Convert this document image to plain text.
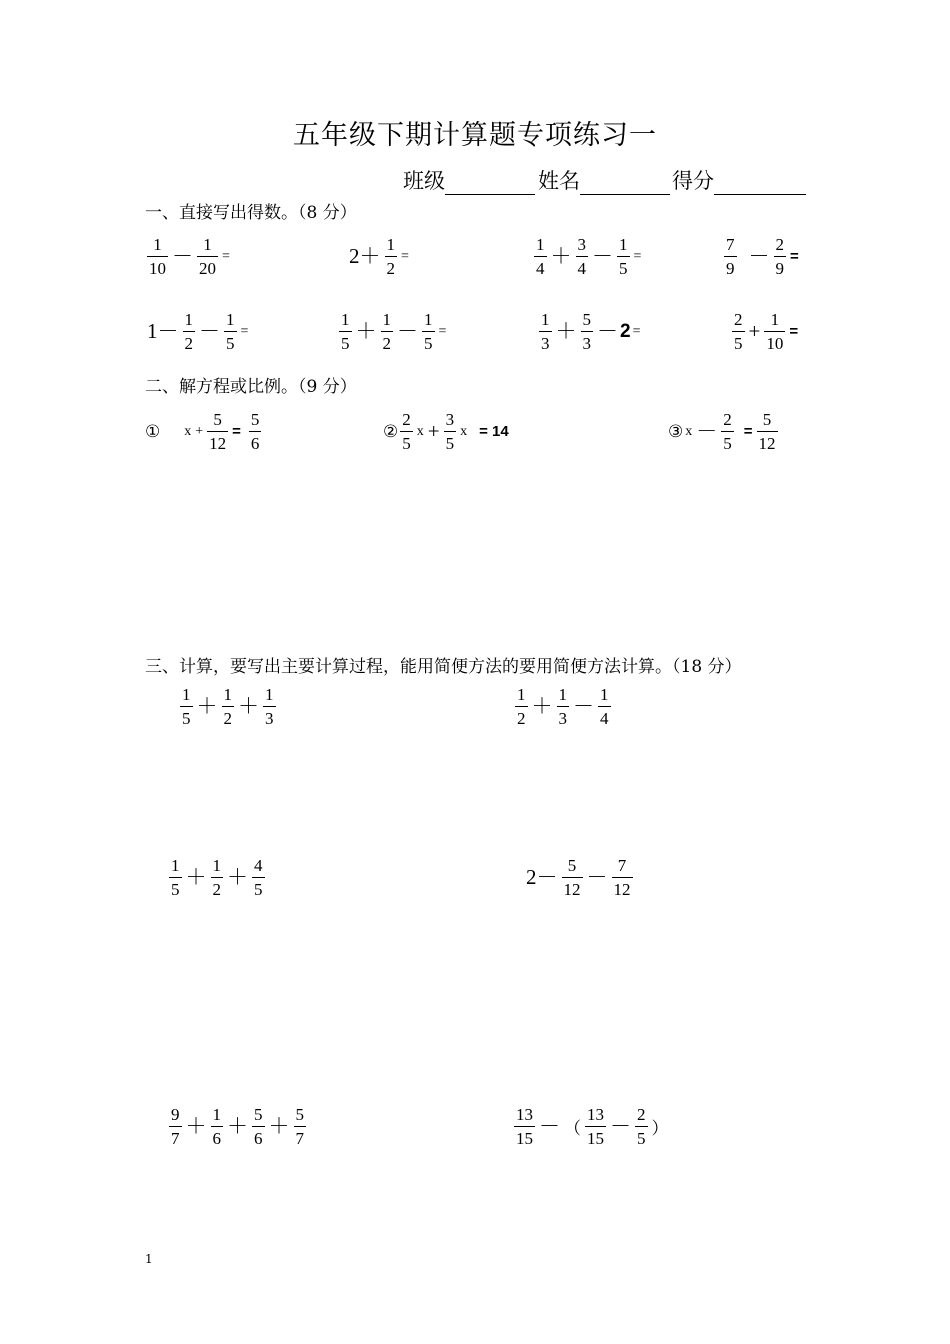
五年级下期计算题专项练习一
班级	姓名	得分
一、直接写出得数。（8 分）
$\frac{1}{10} - \frac{1}{20}$ =	$2+ \frac{1}{2}$ =	$\frac{1}{4} + \frac{3}{4} - \frac{1}{5}$ =	$\frac{7}{9} - \frac{2}{9}$ =
$1- \frac{1}{2} - \frac{1}{5}$ =	$\frac{1}{5} + \frac{1}{2} - \frac{1}{5}$ =	$\frac{1}{3} + \frac{5}{3} - 2$ =	$\frac{2}{5} + \frac{1}{10}$ =
二、解方程或比例。（9 分）
① $x + \frac{5}{12} = \frac{5}{6}$	② $\frac{2}{5}$ $x + \frac{3}{5}$ x = 14	③ $x - \frac{2}{5} = \frac{5}{12}$
三、计算，要写出主要计算过程，能用简便方法的要用简便方法计算。（18 分）
$\frac{1}{5} + \frac{1}{2} + \frac{1}{3}$	$\frac{1}{2} + \frac{1}{3} - \frac{1}{4}$
$\frac{1}{5} + \frac{1}{2} + \frac{4}{5}$	$2- \frac{5}{12} - \frac{7}{12}$
$\frac{9}{7} + \frac{1}{6} + \frac{5}{6} + \frac{5}{7}$	$\frac{13}{15}$ － （ $\frac{13}{15} - \frac{2}{5}$ ）
1
